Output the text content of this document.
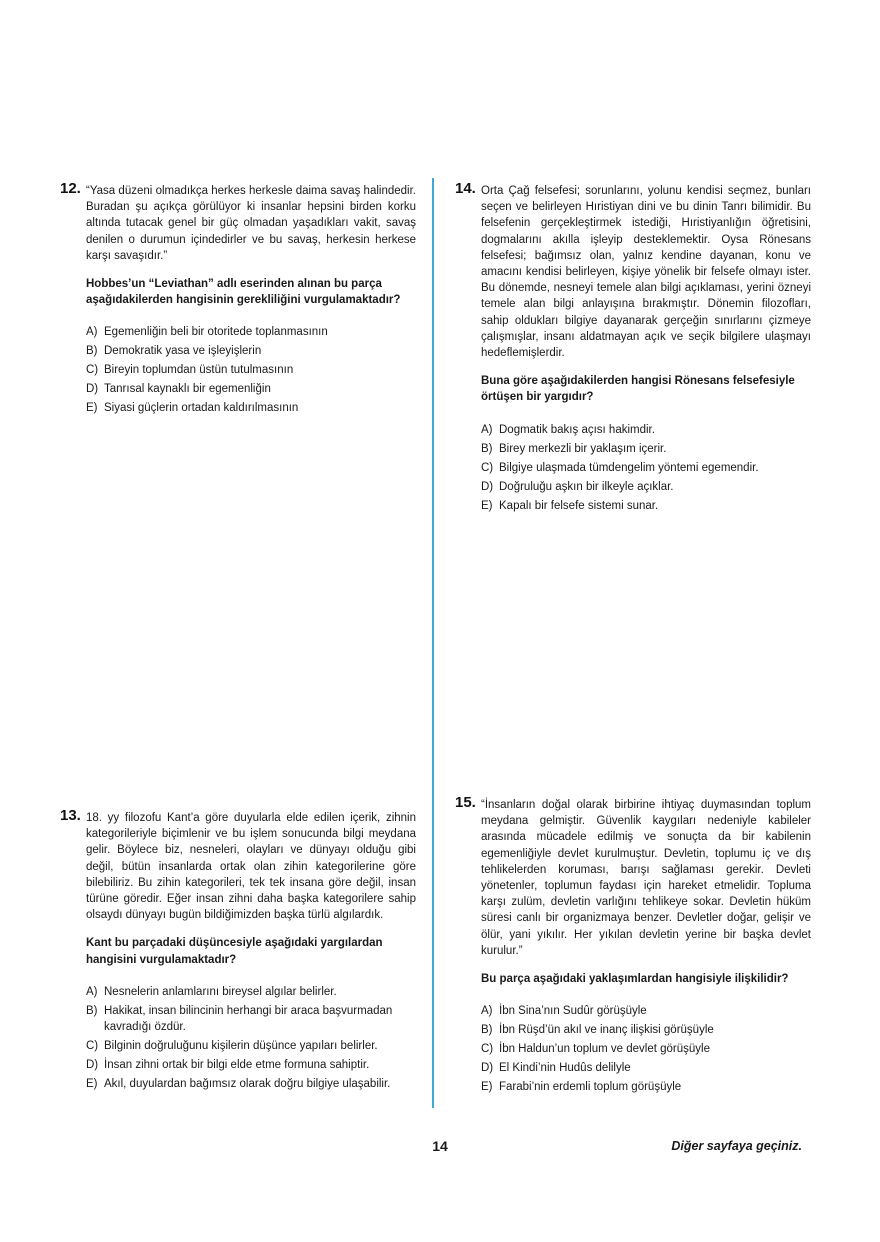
12. “Yasa düzeni olmadıkça herkes herkesle daima savaş halindedir. Buradan şu açıkça görülüyor ki insanlar hepsini birden korku altında tutacak genel bir güç olmadan yaşadıkları vakit, savaş denilen o durumun içindedirler ve bu savaş, herkesin herkese karşı savaşıdır.”

Hobbes’un “Leviathan” adlı eserinden alınan bu parça aşağıdakilerden hangisinin gerekliliğini vurgulamaktadır?

A) Egemenliğin beli bir otoritede toplanmasının
B) Demokratik yasa ve işleyişlerin
C) Bireyin toplumdan üstün tutulmasının
D) Tanrısal kaynaklı bir egemenliğin
E) Siyasi güçlerin ortadan kaldırılmasının
13. 18. yy filozofu Kant’a göre duyularla elde edilen içerik, zihnin kategorileriyle biçimlenir ve bu işlem sonucunda bilgi meydana gelir. Böylece biz, nesneleri, olayları ve dünyayı olduğu gibi değil, bütün insanlarda ortak olan zihin kategorilerine göre bilebiliriz. Bu zihin kategorileri, tek tek insana göre değil, insan türüne göredir. Eğer insan zihni daha başka kategorilere sahip olsaydı dünyayı bugün bildiğimizden başka türlü algılardık.

Kant bu parçadaki düşüncesiyle aşağıdaki yargılardan hangisini vurgulamaktadır?

A) Nesnelerin anlamlarını bireysel algılar belirler.
B) Hakikat, insan bilincinin herhangi bir araca başvurmadan kavradığı özdür.
C) Bilginin doğruluğunu kişilerin düşünce yapıları belirler.
D) İnsan zihni ortak bir bilgi elde etme formuna sahiptir.
E) Akıl, duyulardan bağımsız olarak doğru bilgiye ulaşabilir.
14. Orta Çağ felsefesi; sorunlarını, yolunu kendisi seçmez, bunları seçen ve belirleyen Hıristiyan dini ve bu dinin Tanrı bilimidir. Bu felsefenin gerçekleştirmek istediği, Hıristiyanlığın öğretisini, dogmalarını akılla işleyip desteklemektir. Oysa Rönesans felsefesi; bağımsız olan, yalnız kendine dayanan, konu ve amacını kendisi belirleyen, kişiye yönelik bir felsefe olmayı ister. Bu dönemde, nesneyi temele alan bilgi açıklaması, yerini özneyi temele alan bilgi anlayışına bırakmıştır. Dönemin filozofları, sahip oldukları bilgiye dayanarak gerçeğin sınırlarını çizmeye çalışmışlar, insanı aldatmayan açık ve seçik bilgilere ulaşmayı hedeflemişlerdir.

Buna göre aşağıdakilerden hangisi Rönesans felsefesiyle örtüşen bir yargıdır?

A) Dogmatik bakış açısı hakimdir.
B) Birey merkezli bir yaklaşım içerir.
C) Bilgiye ulaşmada tümdengelim yöntemi egemendir.
D) Doğruluğu aşkın bir ilkeyle açıklar.
E) Kapalı bir felsefe sistemi sunar.
15. “İnsanların doğal olarak birbirine ihtiyaç duymasından toplum meydana gelmiştir. Güvenlik kaygıları nedeniyle kabileler arasında mücadele edilmiş ve sonuçta da bir kabilenin egemenliğiyle devlet kurulmuştur. Devletin, toplumu iç ve dış tehlikelerden koruması, barışı sağlaması gerekir. Devleti yönetenler, toplumun faydası için hareket etmelidir. Topluma karşı zulüm, devletin varlığını tehlikeye sokar. Devletin hüküm süresi canlı bir organizmaya benzer. Devletler doğar, gelişir ve ölür, yani yıkılır. Her yıkılan devletin yerine bir başka devlet kurulur.”

Bu parça aşağıdaki yaklaşımlardan hangisiyle ilişkilidir?

A) İbn Sina’nın Sudûr görüşüyle
B) İbn Rüşd’ün akıl ve inanç ilişkisi görüşüyle
C) İbn Haldun’un toplum ve devlet görüşüyle
D) El Kindi’nin Hudûs delilyle
E) Farabi’nin erdemli toplum görüşüyle
14	Diğer sayfaya geçiniz.
